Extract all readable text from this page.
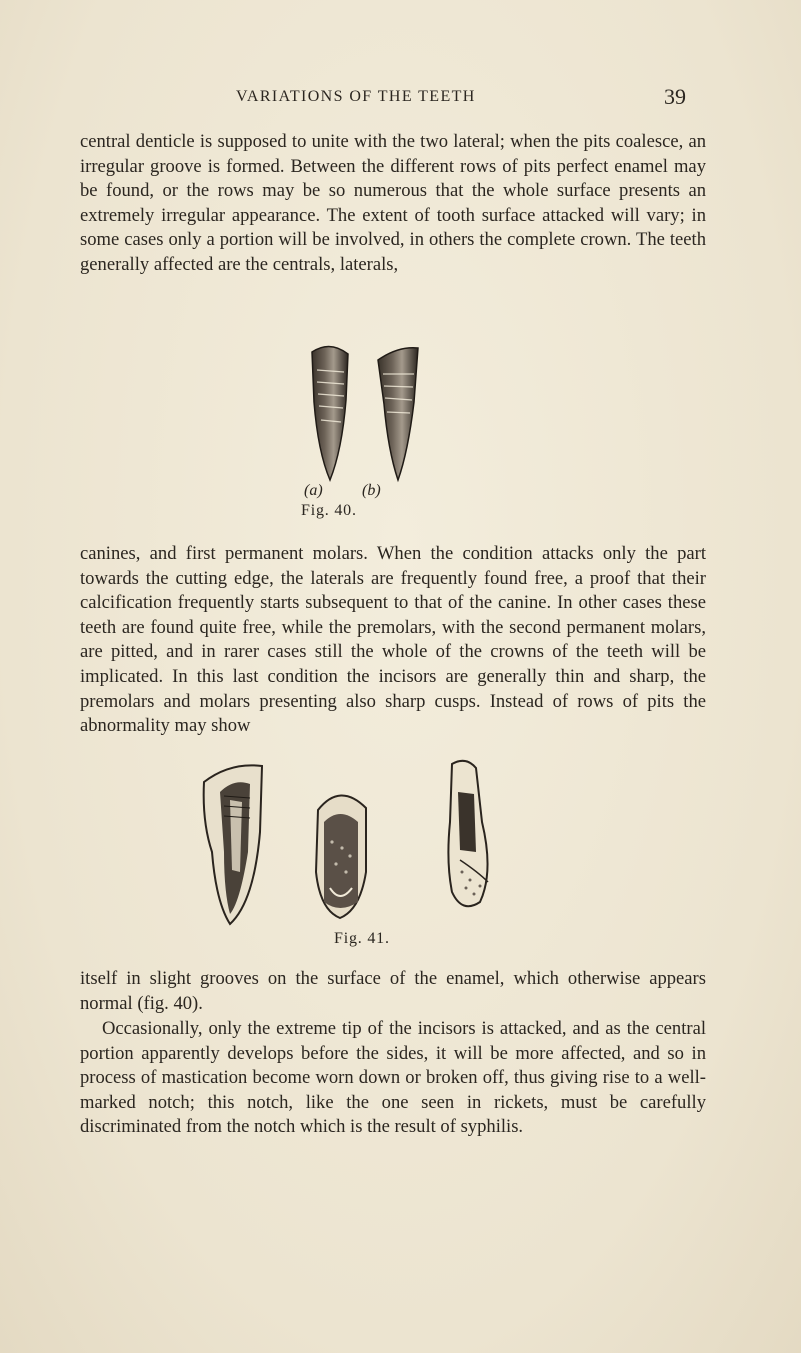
VARIATIONS OF THE TEETH	39

central denticle is supposed to unite with the two lateral; when the pits coalesce, an irregular groove is formed. Between the different rows of pits perfect enamel may be found, or the rows may be so numerous that the whole surface presents an extremely irregular appearance. The extent of tooth surface attacked will vary; in some cases only a portion will be involved, in others the complete crown. The teeth generally affected are the centrals, laterals,

(a) (b)
Fig. 40.

canines, and first permanent molars. When the condition attacks only the part towards the cutting edge, the laterals are frequently found free, a proof that their calcification frequently starts subsequent to that of the canine. In other cases these teeth are found quite free, while the premolars, with the second permanent molars, are pitted, and in rarer cases still the whole of the crowns of the teeth will be implicated. In this last condition the incisors are generally thin and sharp, the premolars and molars presenting also sharp cusps. Instead of rows of pits the abnormality may show

Fig. 41.

itself in slight grooves on the surface of the enamel, which otherwise appears normal (fig. 40).

Occasionally, only the extreme tip of the incisors is attacked, and as the central portion apparently develops before the sides, it will be more affected, and so in process of mastication become worn down or broken off, thus giving rise to a well-marked notch; this notch, like the one seen in rickets, must be carefully discriminated from the notch which is the result of syphilis.
